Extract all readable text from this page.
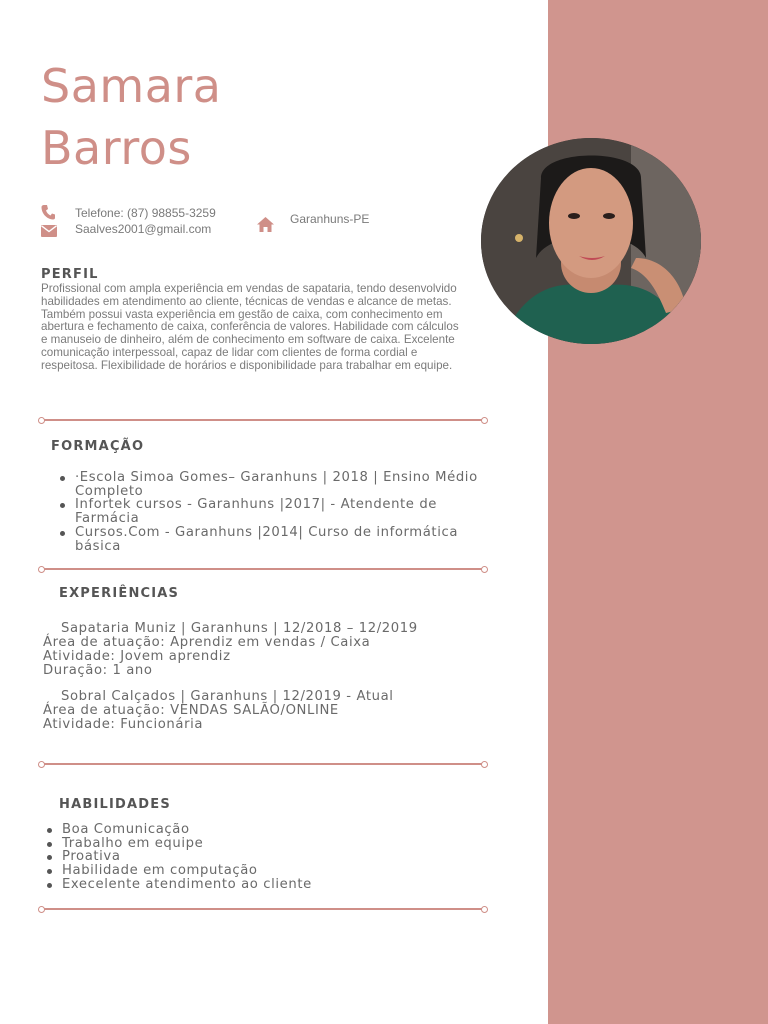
Samara
Barros
Telefone: (87) 98855-3259
Saalves2001@gmail.com
Garanhuns-PE
PERFIL
Profissional com ampla experiência em vendas de sapataria, tendo desenvolvido habilidades em atendimento ao cliente, técnicas de vendas e alcance de metas. Também possui vasta experiência em gestão de caixa, com conhecimento em abertura e fechamento de caixa, conferência de valores. Habilidade com cálculos e manuseio de dinheiro, além de conhecimento em software de caixa. Excelente comunicação interpessoal, capaz de lidar com clientes de forma cordial e respeitosa. Flexibilidade de horários e disponibilidade para trabalhar em equipe.
FORMAÇÃO
·Escola Simoa Gomes– Garanhuns | 2018 | Ensino Médio Completo
Infortek cursos - Garanhuns |2017| - Atendente de Farmácia
Cursos.Com - Garanhuns |2014| Curso de informática básica
EXPERIÊNCIAS
Sapataria Muniz | Garanhuns | 12/2018 – 12/2019
Área de atuação: Aprendiz em vendas / Caixa
Atividade: Jovem aprendiz
Duração: 1 ano
Sobral Calçados | Garanhuns | 12/2019 - Atual
Área de atuação: VENDAS SALÃO/ONLINE
Atividade: Funcionária
HABILIDADES
Boa Comunicação
Trabalho em equipe
Proativa
Habilidade em computação
Execelente atendimento ao cliente
